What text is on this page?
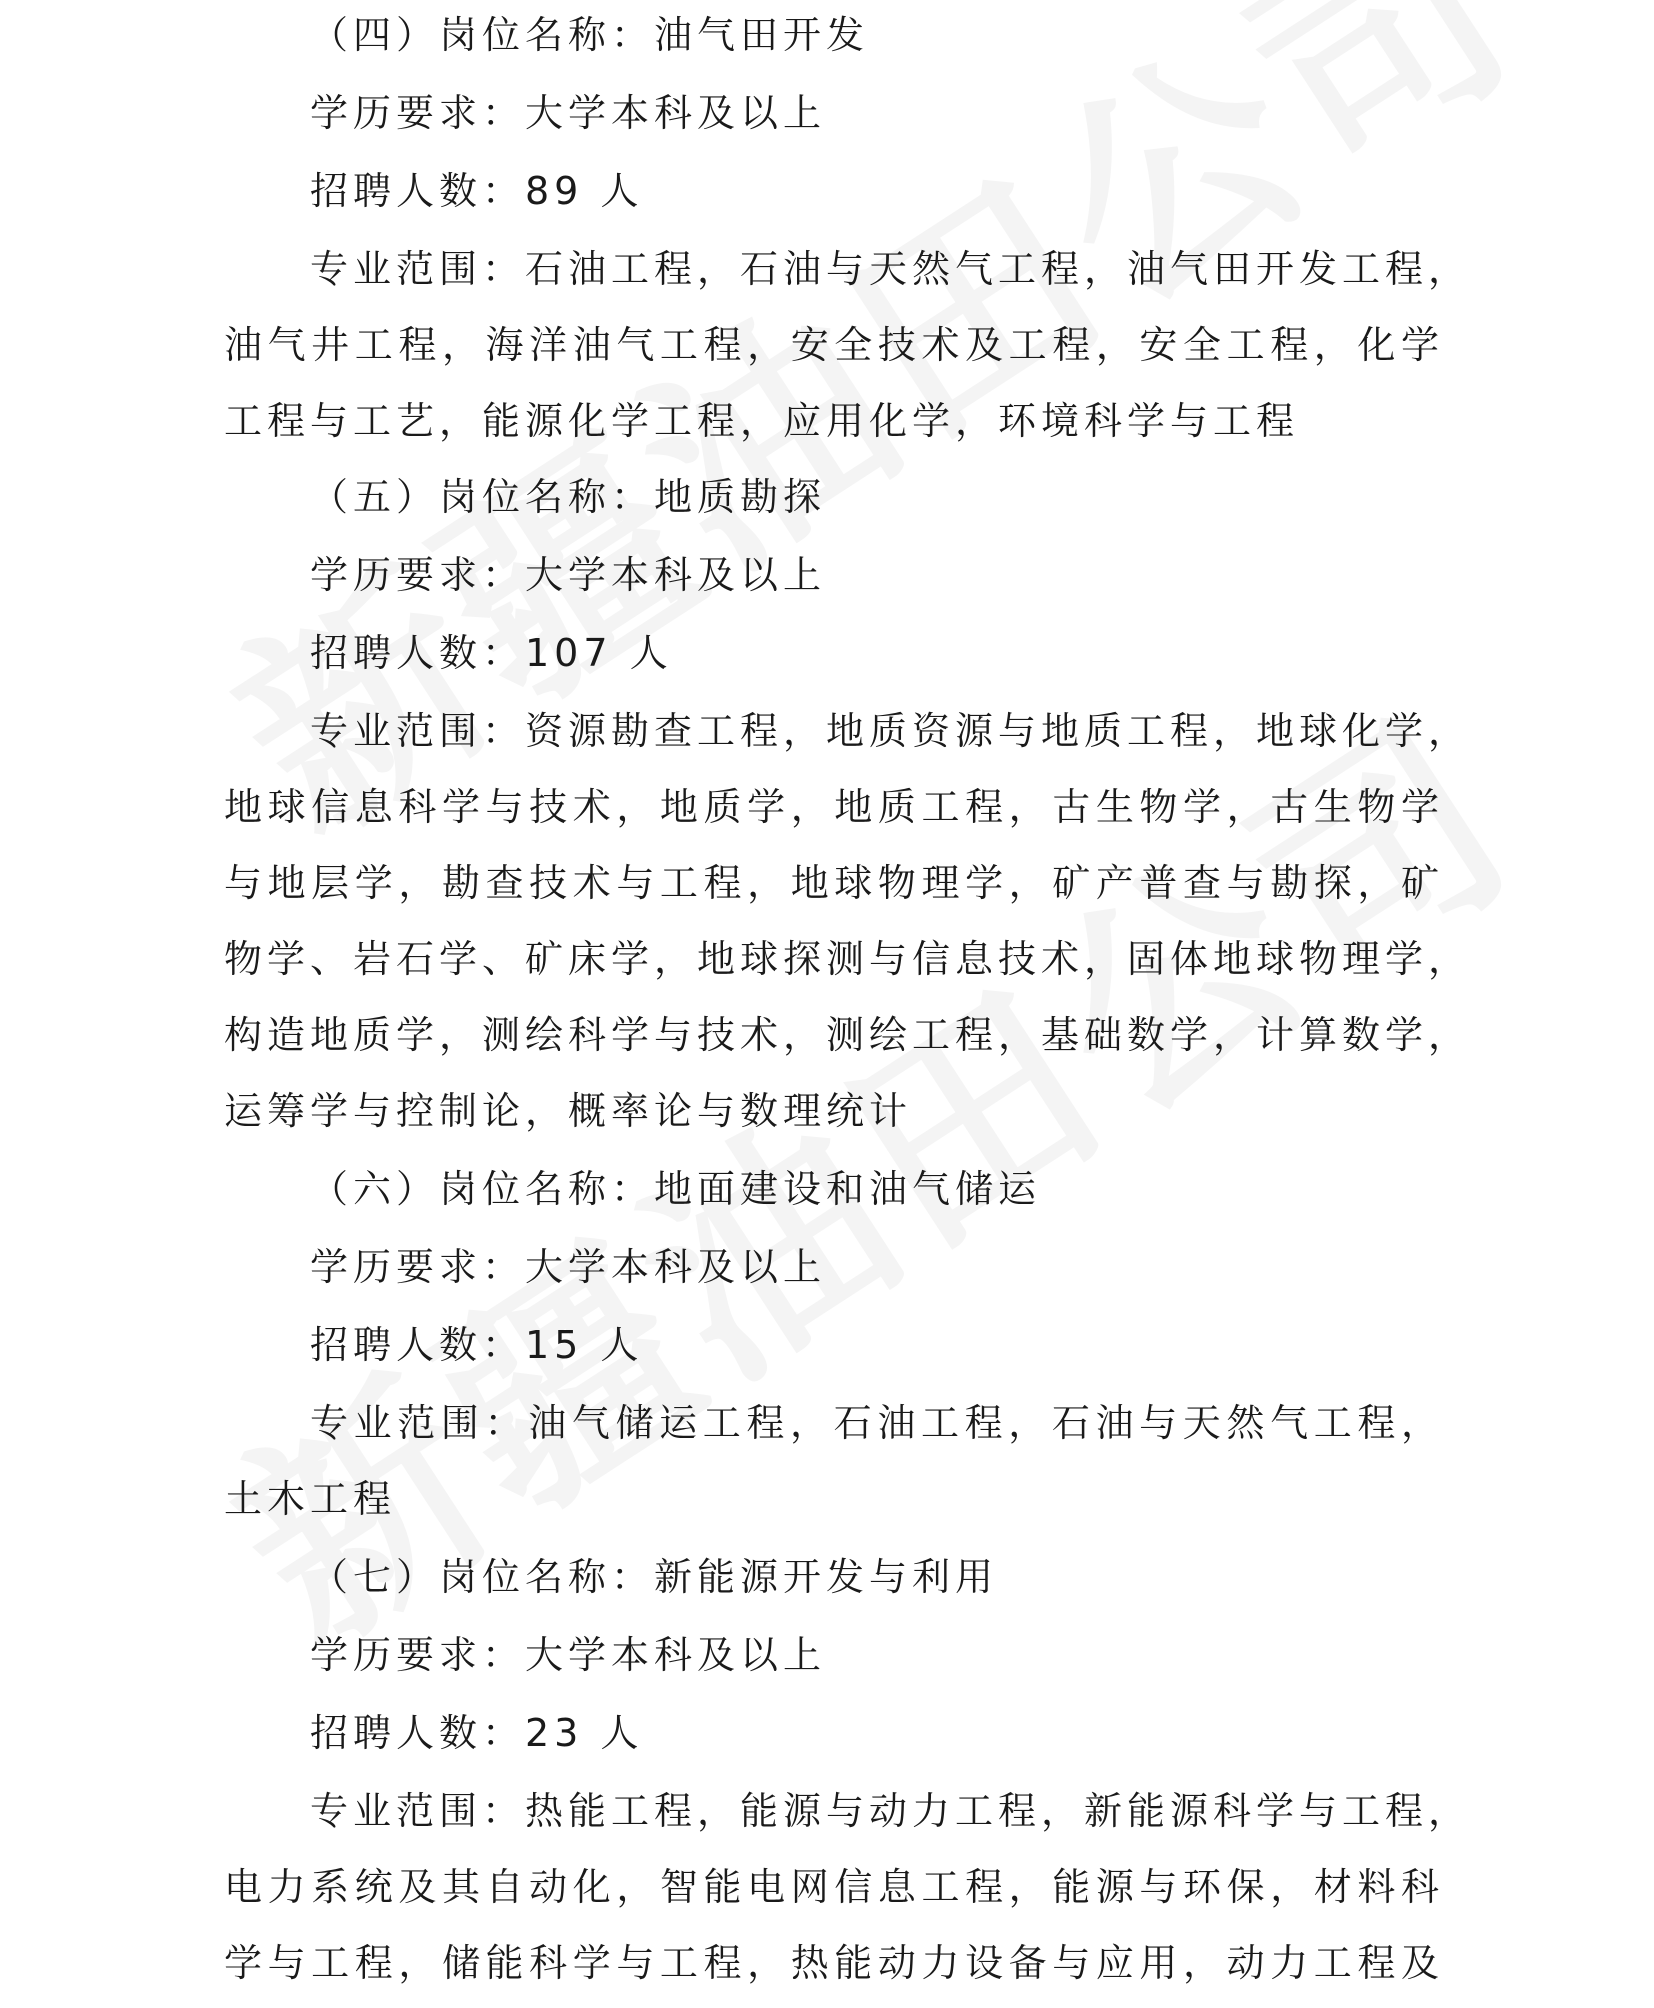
（四）岗位名称：油气田开发
学历要求：大学本科及以上
招聘人数：89 人
专业范围：石油工程，石油与天然气工程，油气田开发工程，
油气井工程，海洋油气工程，安全技术及工程，安全工程，化学
工程与工艺，能源化学工程，应用化学，环境科学与工程
（五）岗位名称：地质勘探
学历要求：大学本科及以上
招聘人数：107 人
专业范围：资源勘查工程，地质资源与地质工程，地球化学，
地球信息科学与技术，地质学，地质工程，古生物学，古生物学
与地层学，勘查技术与工程，地球物理学，矿产普查与勘探，矿
物学、岩石学、矿床学，地球探测与信息技术，固体地球物理学，
构造地质学，测绘科学与技术，测绘工程，基础数学，计算数学，
运筹学与控制论，概率论与数理统计
（六）岗位名称：地面建设和油气储运
学历要求：大学本科及以上
招聘人数：15 人
专业范围：油气储运工程，石油工程，石油与天然气工程，
土木工程
（七）岗位名称：新能源开发与利用
学历要求：大学本科及以上
招聘人数：23 人
专业范围：热能工程，能源与动力工程，新能源科学与工程，
电力系统及其自动化，智能电网信息工程，能源与环保，材料科
学与工程，储能科学与工程，热能动力设备与应用，动力工程及
